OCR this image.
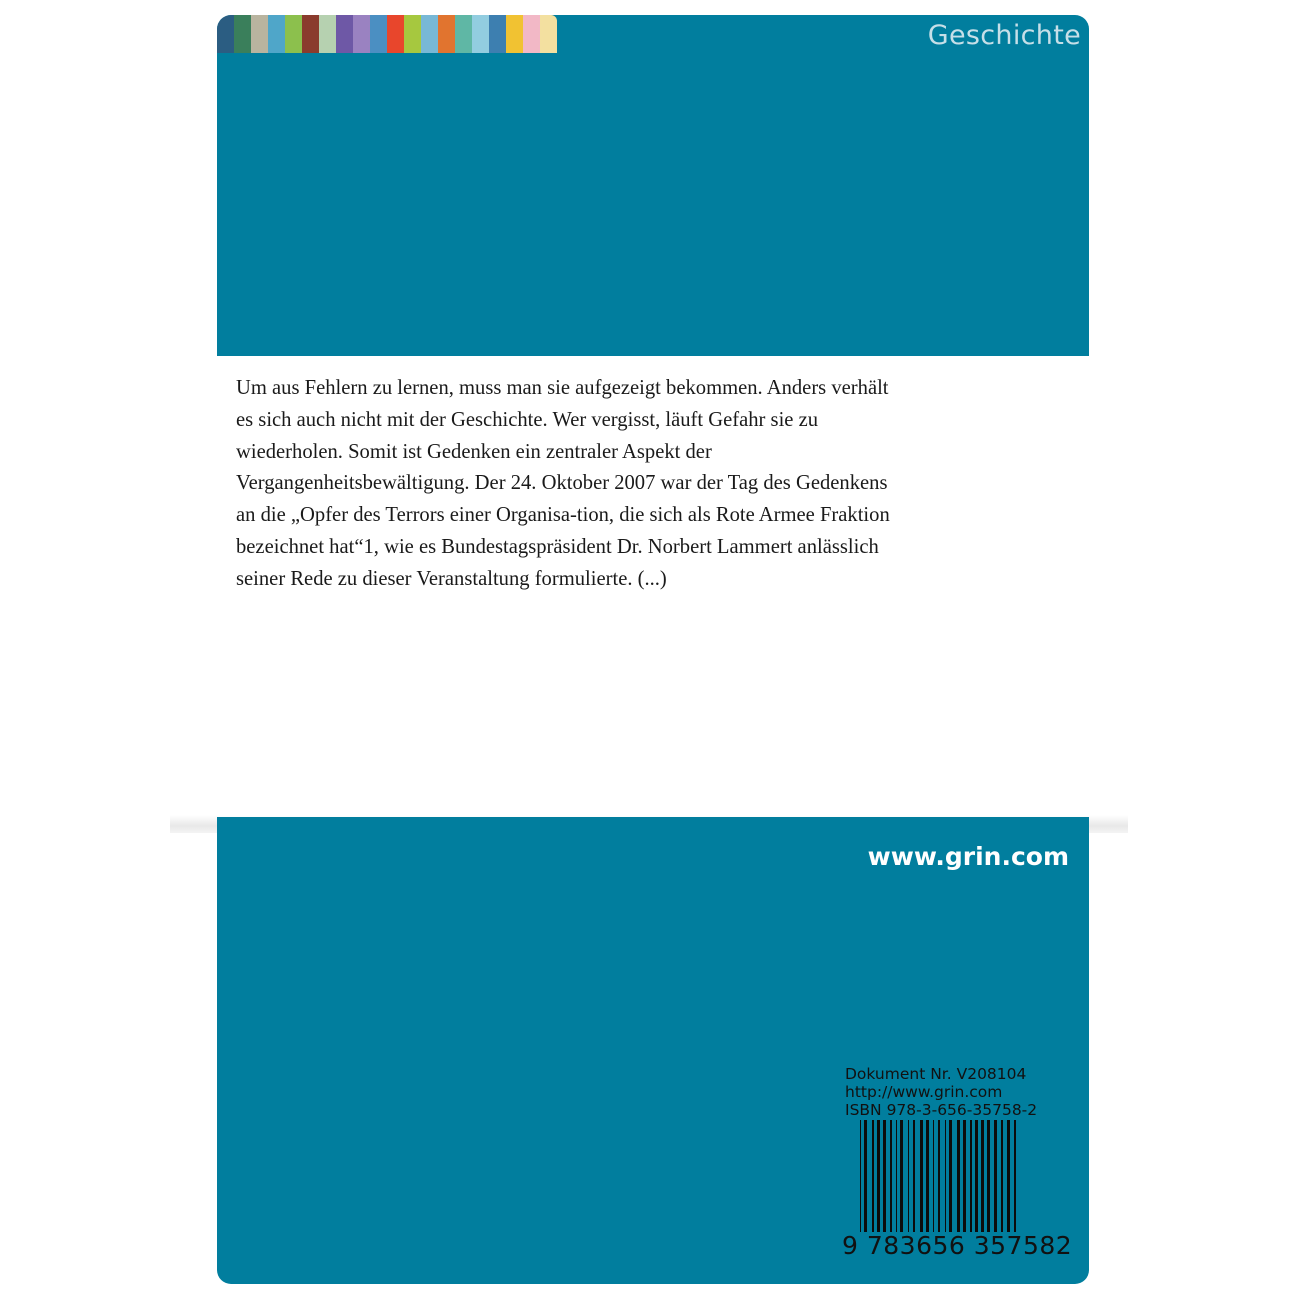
Geschichte

Um aus Fehlern zu lernen, muss man sie aufgezeigt bekommen. Anders verhält
es sich auch nicht mit der Geschichte. Wer vergisst, läuft Gefahr sie zu
wiederholen. Somit ist Gedenken ein zentraler Aspekt der
Vergangenheitsbewältigung. Der 24. Oktober 2007 war der Tag des Gedenkens
an die „Opfer des Terrors einer Organisa-tion, die sich als Rote Armee Fraktion
bezeichnet hat“1, wie es Bundestagspräsident Dr. Norbert Lammert anlässlich
seiner Rede zu dieser Veranstaltung formulierte. (...)

www.grin.com
Dokument Nr. V208104
http://www.grin.com
ISBN 978-3-656-35758-2
9 783656 357582
